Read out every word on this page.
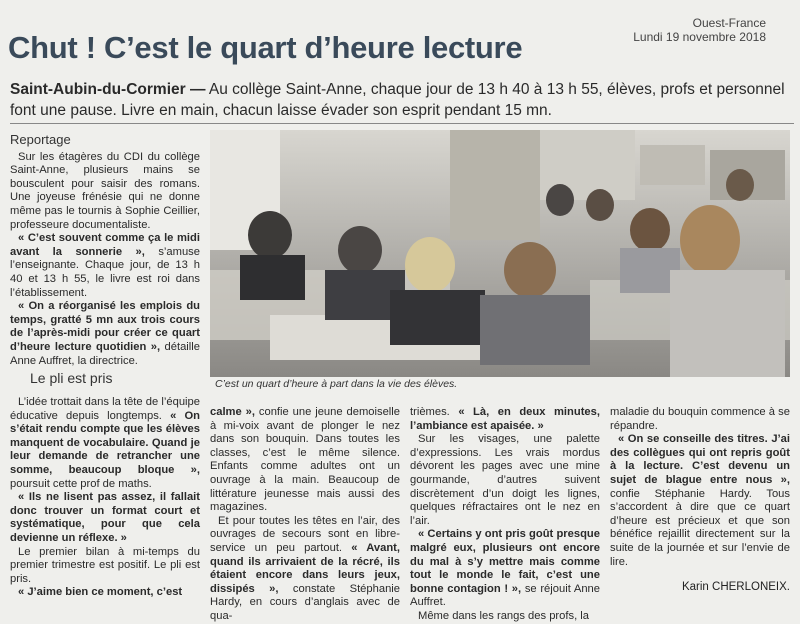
Ouest-France
Lundi 19 novembre 2018
Chut ! C’est le quart d’heure lecture
Saint-Aubin-du-Cormier — Au collège Saint-Anne, chaque jour de 13 h 40 à 13 h 55, élèves, profs et personnel font une pause. Livre en main, chacun laisse évader son esprit pendant 15 mn.
Reportage

Sur les étagères du CDI du collège Saint-Anne, plusieurs mains se bousculent pour saisir des romans. Une joyeuse frénésie qui ne donne même pas le tournis à Sophie Ceillier, professeure documentaliste.

« C’est souvent comme ça le midi avant la sonnerie », s’amuse l’enseignante. Chaque jour, de 13 h 40 et 13 h 55, le livre est roi dans l’établissement.

« On a réorganisé les emplois du temps, gratté 5 mn aux trois cours de l’après-midi pour créer ce quart d’heure lecture quotidien », détaille Anne Auffret, la directrice.

Le pli est pris	C’est un quart d’heure à part dans la vie des élèves.

L’idée trottait dans la tête de l’équipe éducative depuis longtemps. « On s’était rendu compte que les élèves manquent de vocabulaire. Quand je leur demande de retrancher une somme, beaucoup bloque », poursuit cette prof de maths.

« Ils ne lisent pas assez, il fallait donc trouver un format court et systématique, pour que cela devienne un réflexe. »

Le premier bilan à mi-temps du premier trimestre est positif. Le pli est pris.

« J’aime bien ce moment, c’est

calme », confie une jeune demoiselle à mi-voix avant de plonger le nez dans son bouquin. Dans toutes les classes, c’est le même silence. Enfants comme adultes ont un ouvrage à la main. Beaucoup de littérature jeunesse mais aussi des magazines.

Et pour toutes les têtes en l’air, des ouvrages de secours sont en libre-service un peu partout. « Avant, quand ils arrivaient de la récré, ils étaient encore dans leurs jeux, dissipés », constate Stéphanie Hardy, en cours d’anglais avec de qua-

trièmes. « Là, en deux minutes, l’ambiance est apaisée. »

Sur les visages, une palette d’expressions. Les vrais mordus dévorent les pages avec une mine gourmande, d’autres suivent discrètement d’un doigt les lignes, quelques réfractaires ont le nez en l’air.

« Certains y ont pris goût presque malgré eux, plusieurs ont encore du mal à s’y mettre mais comme tout le monde le fait, c’est une bonne contagion ! », se réjouit Anne Auffret.

Même dans les rangs des profs, la

maladie du bouquin commence à se répandre.

« On se conseille des titres. J’ai des collègues qui ont repris goût à la lecture. C’est devenu un sujet de blague entre nous », confie Stéphanie Hardy. Tous s’accordent à dire que ce quart d’heure est précieux et que son bénéfice rejaillit directement sur la suite de la journée et sur l’envie de lire.

Karin CHERLONEIX.
